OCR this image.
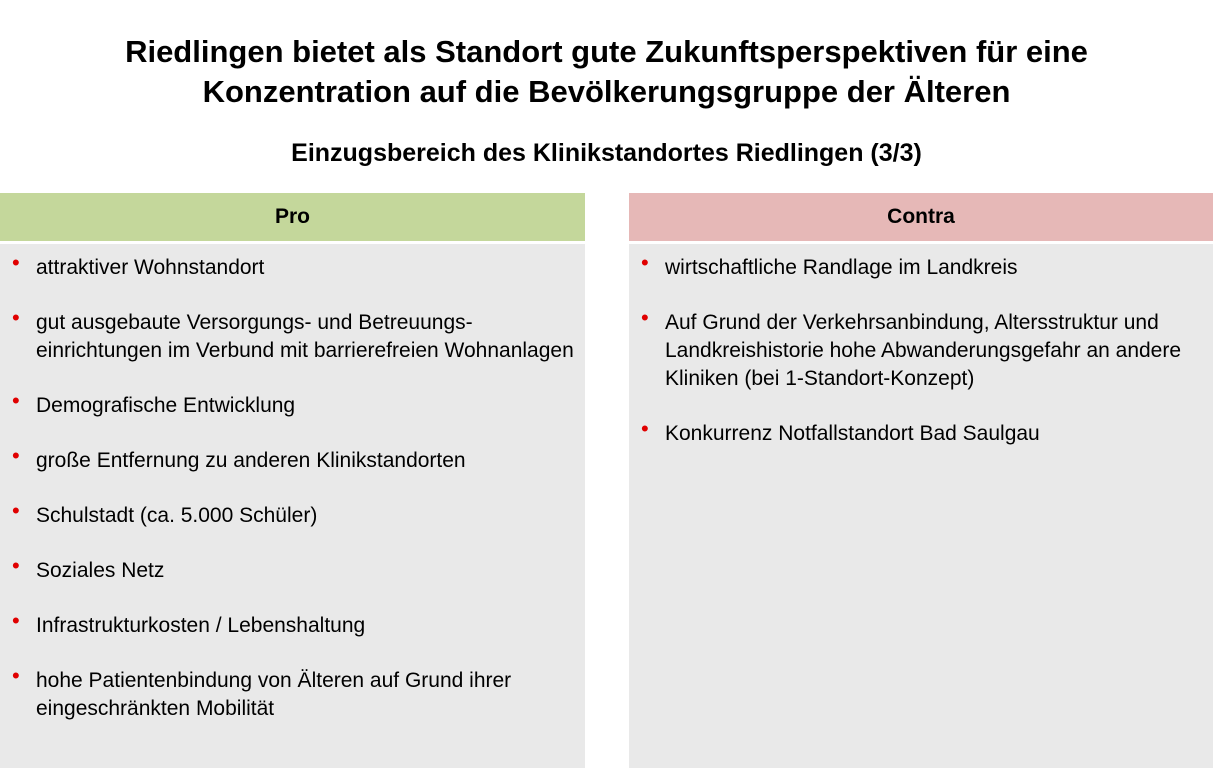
Riedlingen bietet als Standort gute Zukunftsperspektiven für eine
Konzentration auf die Bevölkerungsgruppe der Älteren
Einzugsbereich des Klinikstandortes Riedlingen (3/3)
Pro
• attraktiver Wohnstandort
• gut ausgebaute Versorgungs- und Betreuungs-einrichtungen im Verbund mit barrierefreien Wohnanlagen
• Demografische Entwicklung
• große Entfernung zu anderen Klinikstandorten
• Schulstadt (ca. 5.000 Schüler)
• Soziales Netz
• Infrastrukturkosten / Lebenshaltung
• hohe Patientenbindung von Älteren auf Grund ihrer eingeschränkten Mobilität
Contra
• wirtschaftliche Randlage im Landkreis
• Auf Grund der Verkehrsanbindung, Altersstruktur und Landkreishistorie hohe Abwanderungsgefahr an andere Kliniken (bei 1-Standort-Konzept)
• Konkurrenz Notfallstandort Bad Saulgau
